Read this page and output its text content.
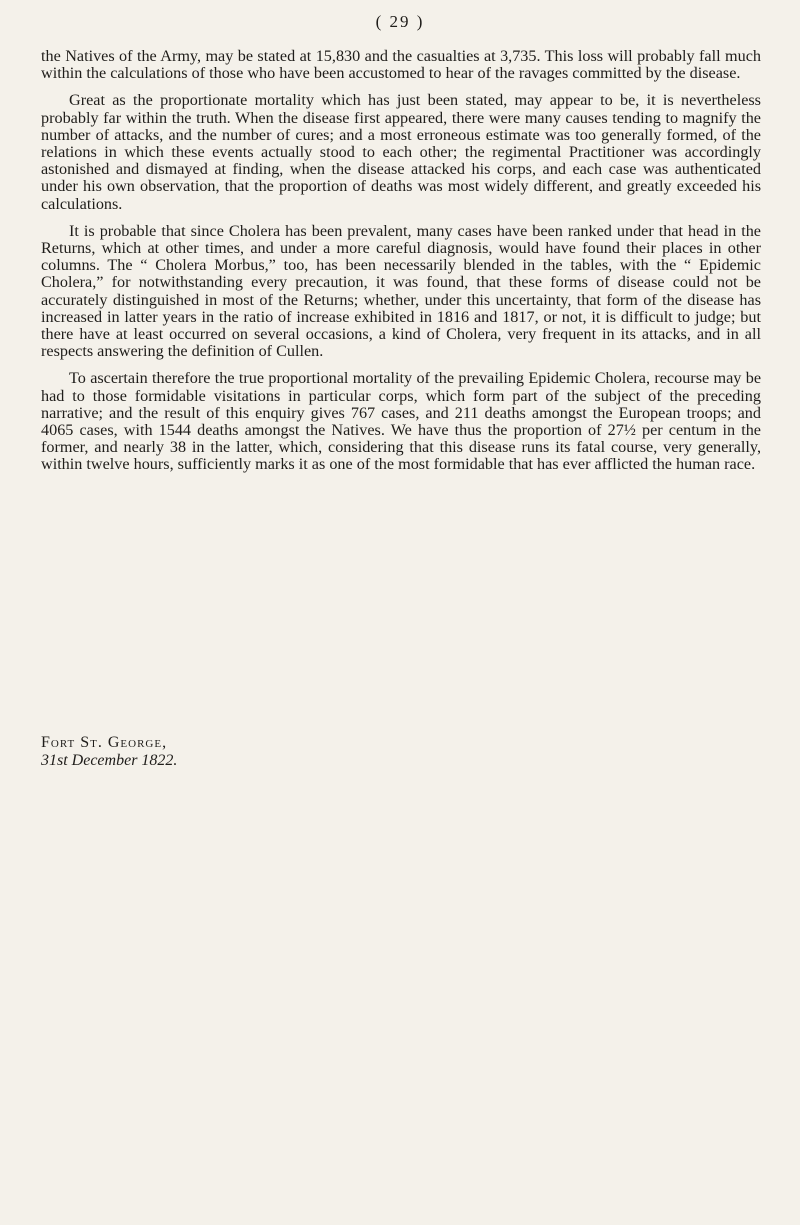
( 29 )

the Natives of the Army, may be stated at 15,830 and the casualties at 3,735. This loss will probably fall much within the calculations of those who have been accustomed to hear of the ravages committed by the disease.

Great as the proportionate mortality which has just been stated, may appear to be, it is nevertheless probably far within the truth. When the disease first appeared, there were many causes tending to magnify the number of attacks, and the number of cures; and a most erroneous estimate was too generally formed, of the relations in which these events actually stood to each other; the regimental Practitioner was accordingly astonished and dismayed at finding, when the disease attacked his corps, and each case was authenticated under his own observation, that the proportion of deaths was most widely different, and greatly exceeded his calculations.

It is probable that since Cholera has been prevalent, many cases have been ranked under that head in the Returns, which at other times, and under a more careful diagnosis, would have found their places in other columns. The “ Cholera Morbus,” too, has been necessarily blended in the tables, with the “ Epidemic Cholera,” for notwithstanding every precaution, it was found, that these forms of disease could not be accurately distinguished in most of the Returns; whether, under this uncertainty, that form of the disease has increased in latter years in the ratio of increase exhibited in 1816 and 1817, or not, it is difficult to judge; but there have at least occurred on several occasions, a kind of Cholera, very frequent in its attacks, and in all respects answering the definition of Cullen.

To ascertain therefore the true proportional mortality of the prevailing Epidemic Cholera, recourse may be had to those formidable visitations in particular corps, which form part of the subject of the preceding narrative; and the result of this enquiry gives 767 cases, and 211 deaths amongst the European troops; and 4065 cases, with 1544 deaths amongst the Natives. We have thus the proportion of 27½ per centum in the former, and nearly 38 in the latter, which, considering that this disease runs its fatal course, very generally, within twelve hours, sufficiently marks it as one of the most formidable that has ever afflicted the human race.

Fort St. George,
31st December 1822.
